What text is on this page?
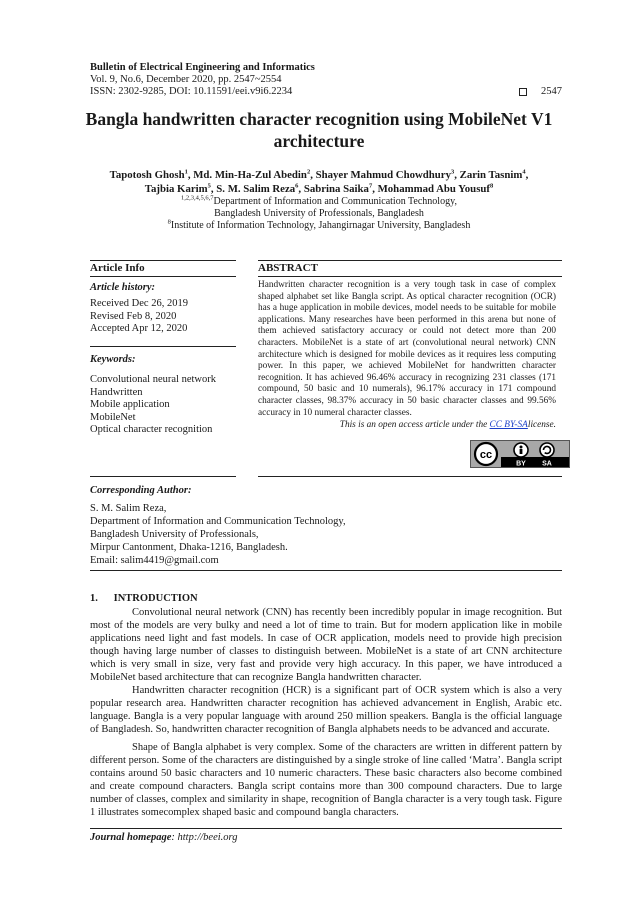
Bulletin of Electrical Engineering and Informatics
Vol. 9, No.6, December 2020, pp. 2547~2554
ISSN: 2302-9285, DOI: 10.11591/eei.v9i6.2234	2547
Bangla handwritten character recognition using MobileNet V1
architecture
Tapotosh Ghosh$^1$, Md. Min-Ha-Zul Abedin$^2$, Shayer Mahmud Chowdhury$^3$, Zarin Tasnim$^4$,
Tajbia Karim$^5$, S. M. Salim Reza$^6$, Sabrina Saika$^7$, Mohammad Abu Yousuf$^8$
$^{1,2,3,4,5,6,7}$Department of Information and Communication Technology,
Bangladesh University of Professionals, Bangladesh
$^8$Institute of Information Technology, Jahangirnagar University, Bangladesh
Article Info
Article history:
Received Dec 26, 2019
Revised Feb 8, 2020
Accepted Apr 12, 2020
Keywords:
Convolutional neural network
Handwritten
Mobile application
MobileNet
Optical character recognition
ABSTRACT
Handwritten character recognition is a very tough task in case of complex shaped alphabet set like Bangla script. As optical character recognition (OCR) has a huge application in mobile devices, model needs to be suitable for mobile applications. Many researches have been performed in this arena but none of them achieved satisfactory accuracy or could not detect more than 200 characters. MobileNet is a state of art (convolutional neural network) CNN architecture which is designed for mobile devices as it requires less computing power. In this paper, we achieved MobileNet for handwritten character recognition. It has achieved 96.46% accuracy in recognizing 231 classes (171 compound, 50 basic and 10 numerals), 96.17% accuracy in 171 compound character classes, 98.37% accuracy in 50 basic character classes and 99.56% accuracy in 10 numeral character classes.
This is an open access article under the CC BY-SAlicense.
cc
BY SA
Corresponding Author:
S. M. Salim Reza,
Department of Information and Communication Technology,
Bangladesh University of Professionals,
Mirpur Cantonment, Dhaka-1216, Bangladesh.
Email: salim4419@gmail.com
1.      INTRODUCTION
Convolutional neural network (CNN) has recently been incredibly popular in image recognition. But most of the models are very bulky and need a lot of time to train. But for modern application like in mobile applications need light and fast models. In case of OCR application, models need to provide high precision though having large number of classes to distinguish between. MobileNet is a state of art CNN architecture which is very small in size, very fast and provide very high accuracy. In this paper, we have introduced a MobileNet based architecture that can recognize Bangla handwritten character.
Handwritten character recognition (HCR) is a significant part of OCR system which is also a very popular research area. Handwritten character recognition has achieved advancement in English, Arabic etc. language. Bangla is a very popular language with around 250 million speakers. Bangla is the official language of Bangladesh. So, handwritten character recognition of Bangla alphabets needs to be advanced and accurate.
Shape of Bangla alphabet is very complex. Some of the characters are written in different pattern by different person. Some of the characters are distinguished by a single stroke of line called ‘Matra’. Bangla script contains around 50 basic characters and 10 numeric characters. These basic characters also become combined and create compound characters. Bangla script contains more than 300 compound characters. Due to large number of classes, complex and similarity in shape, recognition of Bangla character is a very tough task. Figure 1 illustrates somecomplex shaped basic and compound bangla characters.
Journal homepage: http://beei.org
